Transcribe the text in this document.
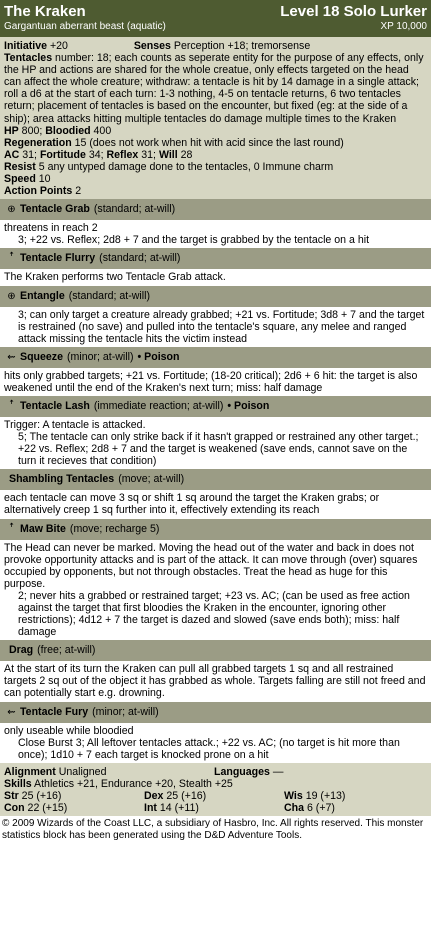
The Kraken	Level 18 Solo Lurker
Gargantuan aberrant beast (aquatic)	XP 10,000
Initiative +20	Senses Perception +18; tremorsense
Tentacles number: 18; each counts as seperate entity for the purpose of any effects, only the HP and actions are shared for the whole creatue, only effects targeted on the head can affect the whole creature; withdraw: a tentacle is hit by 14 damage in a single attack; roll a d6 at the start of each turn: 1-3 nothing, 4-5 on tentacle returns, 6 two tentacles return; placement of tentacles is based on the encounter, but fixed (eg: at the side of a ship); area attacks hitting multiple tentacles do damage multiple times to the Kraken
HP 800; Bloodied 400
Regeneration 15 (does not work when hit with acid since the last round)
AC 31; Fortitude 34; Reflex 31; Will 28
Resist 5 any untyped damage done to the tentacles, 0 Immune charm
Speed 10
Action Points 2
⊕ Tentacle Grab (standard; at-will)
threatens in reach 2
3; +22 vs. Reflex; 2d8 + 7 and the target is grabbed by the tentacle on a hit
ꜛ Tentacle Flurry (standard; at-will)
The Kraken performs two Tentacle Grab attack.
⊕ Entangle (standard; at-will)
3; can only target a creature already grabbed; +21 vs. Fortitude; 3d8 + 7 and the target is restrained (no save) and pulled into the tentacle's square, any melee and ranged attack missing the tentacle hits the victim instead
⇜ Squeeze (minor; at-will) • Poison
hits only grabbed targets; +21 vs. Fortitude; (18-20 critical); 2d6 + 6 hit: the target is also weakened until the end of the Kraken's next turn; miss: half damage
ꜛ Tentacle Lash (immediate reaction; at-will) • Poison
Trigger: A tentacle is attacked.
5; The tentacle can only strike back if it hasn't grapped or restrained any other target.; +22 vs. Reflex; 2d8 + 7 and the target is weakened (save ends, cannot save on the turn it recieves that condition)
Shambling Tentacles (move; at-will)
each tentacle can move 3 sq or shift 1 sq around the target the Kraken grabs; or alternatively creep 1 sq further into it, effectively extending its reach
ꜛ Maw Bite (move; recharge 5)
The Head can never be marked. Moving the head out of the water and back in does not provoke opportunity attacks and is part of the attack. It can move through (over) squares occupied by opponents, but not through obstacles. Treat the head as huge for this purpose.
2; never hits a grabbed or restrained target; +23 vs. AC; (can be used as free action against the target that first bloodies the Kraken in the encounter, ignoring other restrictions); 4d12 + 7 the target is dazed and slowed (save ends both); miss: half damage
Drag (free; at-will)
At the start of its turn the Kraken can pull all grabbed targets 1 sq and all restrained targets 2 sq out of the object it has grabbed as whole. Targets falling are still not freed and can potentially start e.g. drowning.
⇜ Tentacle Fury (minor; at-will)
only useable while bloodied
Close Burst 3; All leftover tentacles attack.; +22 vs. AC; (no target is hit more than once); 1d10 + 7 each target is knocked prone on a hit
Alignment Unaligned	Languages —
Skills Athletics +21, Endurance +20, Stealth +25
Str 25 (+16)	Dex 25 (+16)	Wis 19 (+13)
Con 22 (+15)	Int 14 (+11)	Cha 6 (+7)
© 2009 Wizards of the Coast LLC, a subsidiary of Hasbro, Inc. All rights reserved. This monster statistics block has been generated using the D&D Adventure Tools.
